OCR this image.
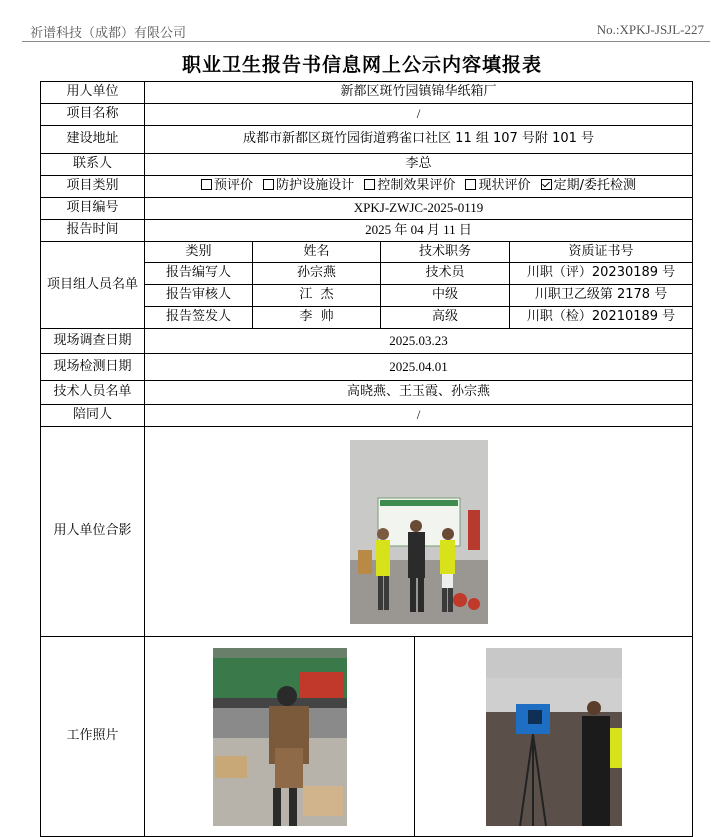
祈谱科技（成都）有限公司	No.:XPKJ-JSJL-227
职业卫生报告书信息网上公示内容填报表
用人单位	新都区斑竹园镇锦华纸箱厂				
项目名称	/				
建设地址	成都市新都区斑竹园街道鸦雀口社区 11 组 107 号附 101 号				
联系人	李总				
项目类别	预评价 防护设施设计 控制效果评价 现状评价 定期/委托检测				
项目编号	XPKJ-ZWJC-2025-0119				
报告时间	2025 年 04 月 11 日				
项目组人员名单	类别	姓名	技术职务		资质证书号
	报告编写人	孙宗燕	技术员		川职（评）20230189 号
	报告审核人	江  杰	中级		川职卫乙级第 2178 号
	报告签发人	李  帅	高级		川职（检）20210189 号
现场调查日期	2025.03.23				
现场检测日期	2025.04.01				
技术人员名单	高晓燕、王玉霞、孙宗燕				
陪同人	/				
用人单位合影	

工作照片	
